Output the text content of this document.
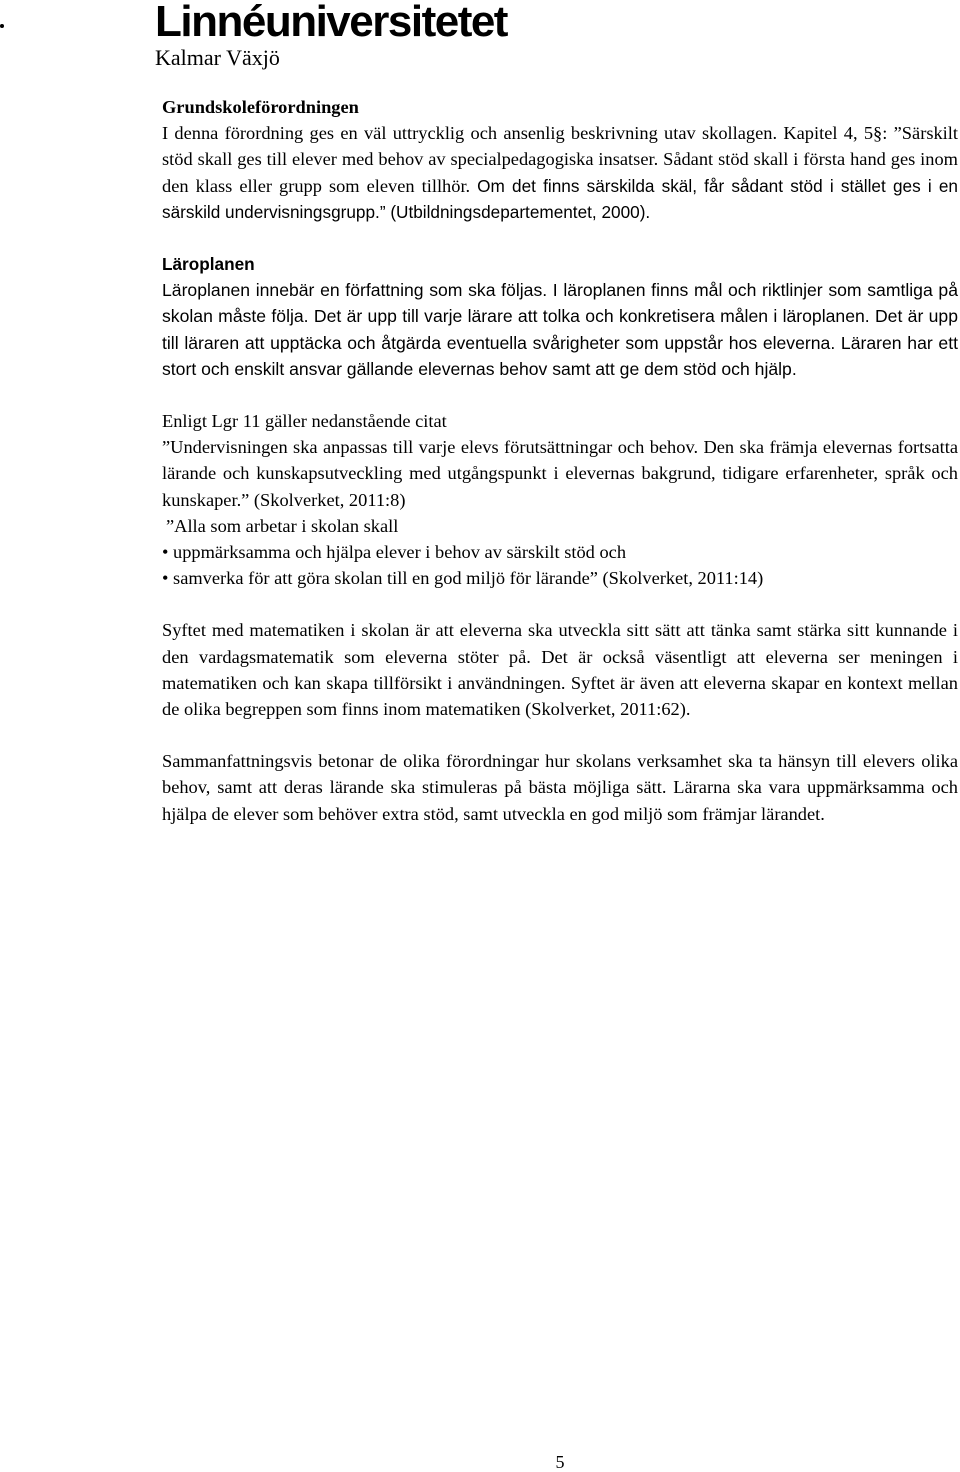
Linnéuniversitetet
Kalmar Växjö
Grundskoleförordningen

I denna förordning ges en väl uttrycklig och ansenlig beskrivning utav skollagen. Kapitel 4, 5§: ”Särskilt stöd skall ges till elever med behov av specialpedagogiska insatser. Sådant stöd skall i första hand ges inom den klass eller grupp som eleven tillhör. Om det finns särskilda skäl, får sådant stöd i stället ges i en särskild undervisningsgrupp.” (Utbildningsdepartementet, 2000).

Läroplanen

Läroplanen innebär en författning som ska följas. I läroplanen finns mål och riktlinjer som samtliga på skolan måste följa. Det är upp till varje lärare att tolka och konkretisera målen i läroplanen. Det är upp till läraren att upptäcka och åtgärda eventuella svårigheter som uppstår hos eleverna. Läraren har ett stort och enskilt ansvar gällande elevernas behov samt att ge dem stöd och hjälp.

Enligt Lgr 11 gäller nedanstående citat

”Undervisningen ska anpassas till varje elevs förutsättningar och behov. Den ska främja elevernas fortsatta lärande och kunskapsutveckling med utgångspunkt i elevernas bakgrund, tidigare erfarenheter, språk och kunskaper.” (Skolverket, 2011:8)

”Alla som arbetar i skolan skall

• uppmärksamma och hjälpa elever i behov av särskilt stöd och
• samverka för att göra skolan till en god miljö för lärande” (Skolverket, 2011:14)

Syftet med matematiken i skolan är att eleverna ska utveckla sitt sätt att tänka samt stärka sitt kunnande i den vardagsmatematik som eleverna stöter på. Det är också väsentligt att eleverna ser meningen i matematiken och kan skapa tillförsikt i användningen. Syftet är även att eleverna skapar en kontext mellan de olika begreppen som finns inom matematiken (Skolverket, 2011:62).

Sammanfattningsvis betonar de olika förordningar hur skolans verksamhet ska ta hänsyn till elevers olika behov, samt att deras lärande ska stimuleras på bästa möjliga sätt. Lärarna ska vara uppmärksamma och hjälpa de elever som behöver extra stöd, samt utveckla en god miljö som främjar lärandet.

5
